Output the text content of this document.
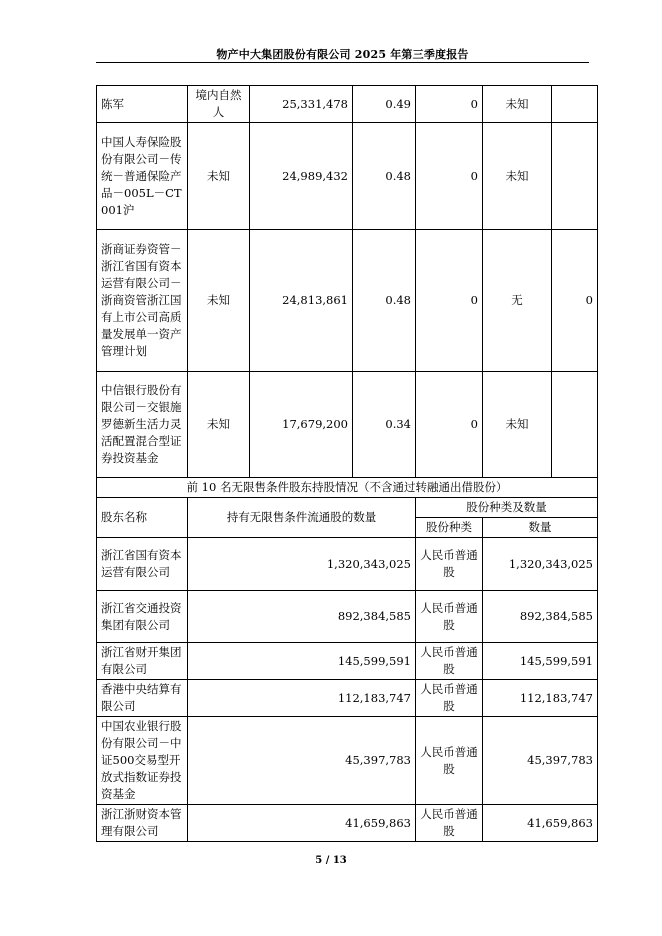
物产中大集团股份有限公司 2025 年第三季度报告
陈军	境内自然人	25,331,478	0.49	0	未知	
中国人寿保险股份有限公司－传统－普通保险产品－005L－CT001沪	未知	24,989,432	0.48	0	未知	
浙商证券资管－浙江省国有资本运营有限公司－浙商资管浙江国有上市公司高质量发展单一资产管理计划	未知	24,813,861	0.48	0	无	0
中信银行股份有限公司－交银施罗德新生活力灵活配置混合型证券投资基金	未知	17,679,200	0.34	0	未知	
前 10 名无限售条件股东持股情况（不含通过转融通出借股份）						
股东名称	持有无限售条件流通股的数量			股份种类及数量		
				股份种类	数量	
浙江省国有资本运营有限公司	1,320,343,025			人民币普通股	1,320,343,025	
浙江省交通投资集团有限公司	892,384,585			人民币普通股	892,384,585	
浙江省财开集团有限公司	145,599,591			人民币普通股	145,599,591	
香港中央结算有限公司	112,183,747			人民币普通股	112,183,747	
中国农业银行股份有限公司－中证500交易型开放式指数证券投资基金	45,397,783			人民币普通股	45,397,783	
浙江浙财资本管理有限公司	41,659,863			人民币普通股	41,659,863	
5 / 13
